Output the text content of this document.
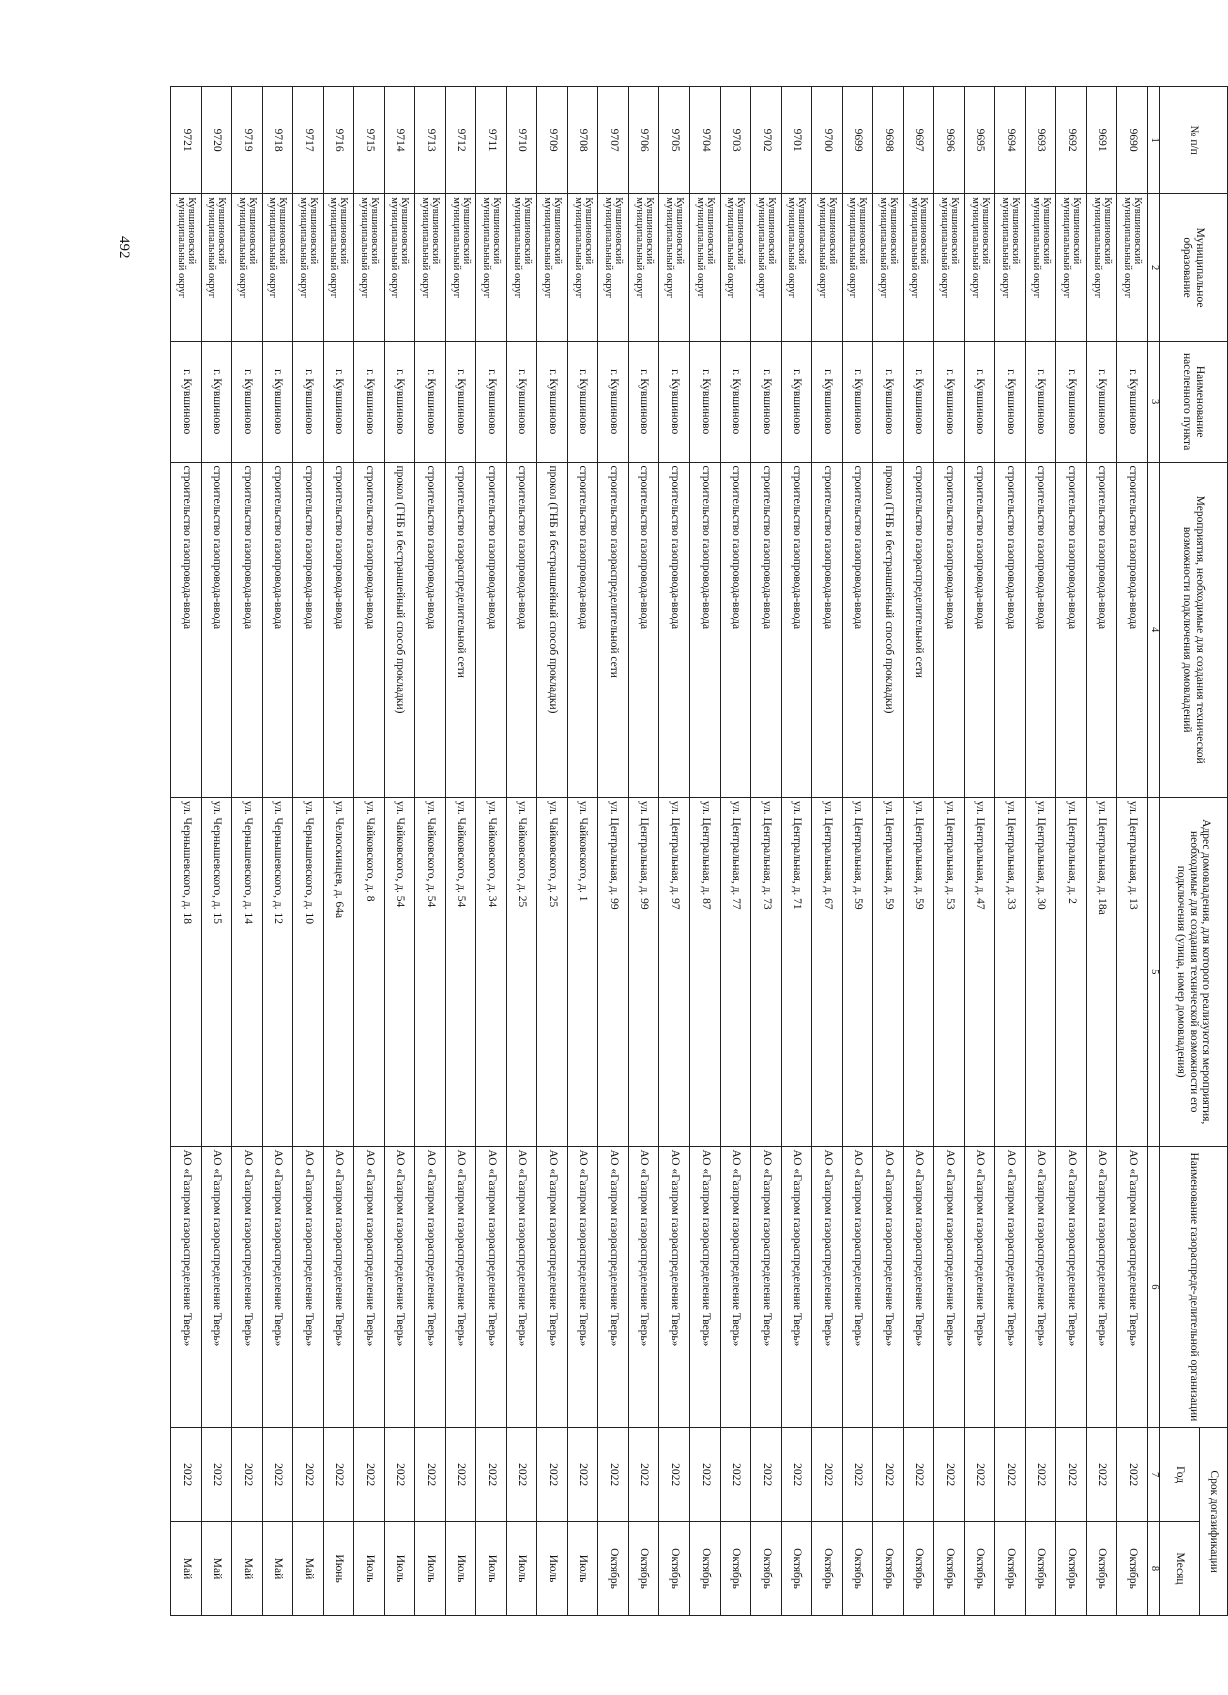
492
№ п/п	Муниципальное образование	Наименование населенного пункта	Мероприятия, необходимые для создания технической возможности подключения домовладений	Адрес домовладения, для которого реализуются мероприятия, необходимые для создания технической возможности его подключения (улица, номер домовладения)	Наименование газораспреде-делительной организации	Срок догазификации	
						Год	Месяц
1	2	3	4	5	6	7	8
9690	Кувшиновский муниципальный округ	г. Кувшиново	строительство газопровода-ввода	ул. Центральная, д. 13	АО «Газпром газораспределение Тверь»	2022	Октябрь
9691	Кувшиновский муниципальный округ	г. Кувшиново	строительство газопровода-ввода	ул. Центральная, д. 18а	АО «Газпром газораспределение Тверь»	2022	Октябрь
9692	Кувшиновский муниципальный округ	г. Кувшиново	строительство газопровода-ввода	ул. Центральная, д. 2	АО «Газпром газораспределение Тверь»	2022	Октябрь
9693	Кувшиновский муниципальный округ	г. Кувшиново	строительство газопровода-ввода	ул. Центральная, д. 30	АО «Газпром газораспределение Тверь»	2022	Октябрь
9694	Кувшиновский муниципальный округ	г. Кувшиново	строительство газопровода-ввода	ул. Центральная, д. 33	АО «Газпром газораспределение Тверь»	2022	Октябрь
9695	Кувшиновский муниципальный округ	г. Кувшиново	строительство газопровода-ввода	ул. Центральная, д. 47	АО «Газпром газораспределение Тверь»	2022	Октябрь
9696	Кувшиновский муниципальный округ	г. Кувшиново	строительство газопровода-ввода	ул. Центральная, д. 53	АО «Газпром газораспределение Тверь»	2022	Октябрь
9697	Кувшиновский муниципальный округ	г. Кувшиново	строительство газораспределительной сети	ул. Центральная, д. 59	АО «Газпром газораспределение Тверь»	2022	Октябрь
9698	Кувшиновский муниципальный округ	г. Кувшиново	прокол (ГНБ и бестраншейный способ прокладки)	ул. Центральная, д. 59	АО «Газпром газораспределение Тверь»	2022	Октябрь
9699	Кувшиновский муниципальный округ	г. Кувшиново	строительство газопровода-ввода	ул. Центральная, д. 59	АО «Газпром газораспределение Тверь»	2022	Октябрь
9700	Кувшиновский муниципальный округ	г. Кувшиново	строительство газопровода-ввода	ул. Центральная, д. 67	АО «Газпром газораспределение Тверь»	2022	Октябрь
9701	Кувшиновский муниципальный округ	г. Кувшиново	строительство газопровода-ввода	ул. Центральная, д. 71	АО «Газпром газораспределение Тверь»	2022	Октябрь
9702	Кувшиновский муниципальный округ	г. Кувшиново	строительство газопровода-ввода	ул. Центральная, д. 73	АО «Газпром газораспределение Тверь»	2022	Октябрь
9703	Кувшиновский муниципальный округ	г. Кувшиново	строительство газопровода-ввода	ул. Центральная, д. 77	АО «Газпром газораспределение Тверь»	2022	Октябрь
9704	Кувшиновский муниципальный округ	г. Кувшиново	строительство газопровода-ввода	ул. Центральная, д. 87	АО «Газпром газораспределение Тверь»	2022	Октябрь
9705	Кувшиновский муниципальный округ	г. Кувшиново	строительство газопровода-ввода	ул. Центральная, д. 97	АО «Газпром газораспределение Тверь»	2022	Октябрь
9706	Кувшиновский муниципальный округ	г. Кувшиново	строительство газопровода-ввода	ул. Центральная, д. 99	АО «Газпром газораспределение Тверь»	2022	Октябрь
9707	Кувшиновский муниципальный округ	г. Кувшиново	строительство газораспределительной сети	ул. Центральная, д. 99	АО «Газпром газораспределение Тверь»	2022	Октябрь
9708	Кувшиновский муниципальный округ	г. Кувшиново	строительство газопровода-ввода	ул. Чайковского, д. 1	АО «Газпром газораспределение Тверь»	2022	Июль
9709	Кувшиновский муниципальный округ	г. Кувшиново	прокол (ГНБ и бестраншейный способ прокладки)	ул. Чайковского, д. 25	АО «Газпром газораспределение Тверь»	2022	Июль
9710	Кувшиновский муниципальный округ	г. Кувшиново	строительство газопровода-ввода	ул. Чайковского, д. 25	АО «Газпром газораспределение Тверь»	2022	Июль
9711	Кувшиновский муниципальный округ	г. Кувшиново	строительство газопровода-ввода	ул. Чайковского, д. 34	АО «Газпром газораспределение Тверь»	2022	Июль
9712	Кувшиновский муниципальный округ	г. Кувшиново	строительство газораспределительной сети	ул. Чайковского, д. 54	АО «Газпром газораспределение Тверь»	2022	Июль
9713	Кувшиновский муниципальный округ	г. Кувшиново	строительство газопровода-ввода	ул. Чайковского, д. 54	АО «Газпром газораспределение Тверь»	2022	Июль
9714	Кувшиновский муниципальный округ	г. Кувшиново	прокол (ГНБ и бестраншейный способ прокладки)	ул. Чайковского, д. 54	АО «Газпром газораспределение Тверь»	2022	Июль
9715	Кувшиновский муниципальный округ	г. Кувшиново	строительство газопровода-ввода	ул. Чайковского, д. 8	АО «Газпром газораспределение Тверь»	2022	Июль
9716	Кувшиновский муниципальный округ	г. Кувшиново	строительство газопровода-ввода	ул. Челюскинцев, д. 64а	АО «Газпром газораспределение Тверь»	2022	Июнь
9717	Кувшиновский муниципальный округ	г. Кувшиново	строительство газопровода-ввода	ул. Чернышевского, д. 10	АО «Газпром газораспределение Тверь»	2022	Май
9718	Кувшиновский муниципальный округ	г. Кувшиново	строительство газопровода-ввода	ул. Чернышевского, д. 12	АО «Газпром газораспределение Тверь»	2022	Май
9719	Кувшиновский муниципальный округ	г. Кувшиново	строительство газопровода-ввода	ул. Чернышевского, д. 14	АО «Газпром газораспределение Тверь»	2022	Май
9720	Кувшиновский муниципальный округ	г. Кувшиново	строительство газопровода-ввода	ул. Чернышевского, д. 15	АО «Газпром газораспределение Тверь»	2022	Май
9721	Кувшиновский муниципальный округ	г. Кувшиново	строительство газопровода-ввода	ул. Чернышевского, д. 18	АО «Газпром газораспределение Тверь»	2022	Май
